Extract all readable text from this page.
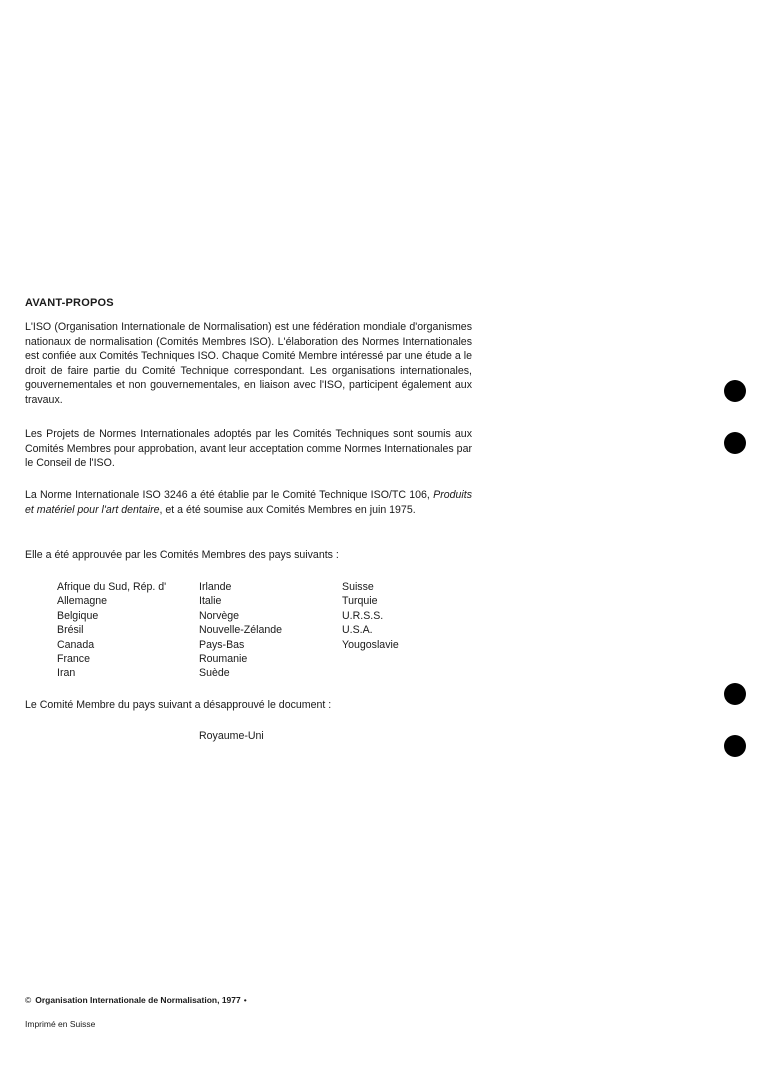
AVANT-PROPOS

L'ISO (Organisation Internationale de Normalisation) est une fédération mondiale d'organismes nationaux de normalisation (Comités Membres ISO). L'élaboration des Normes Internationales est confiée aux Comités Techniques ISO. Chaque Comité Membre intéressé par une étude a le droit de faire partie du Comité Technique correspondant. Les organisations internationales, gouvernementales et non gouvernementales, en liaison avec l'ISO, participent également aux travaux.

Les Projets de Normes Internationales adoptés par les Comités Techniques sont soumis aux Comités Membres pour approbation, avant leur acceptation comme Normes Internationales par le Conseil de l'ISO.

La Norme Internationale ISO 3246 a été établie par le Comité Technique ISO/TC 106, Produits et matériel pour l'art dentaire, et a été soumise aux Comités Membres en juin 1975.

Elle a été approuvée par les Comités Membres des pays suivants :

Afrique du Sud, Rép. d'
Allemagne
Belgique
Brésil
Canada
France
Iran
Irlande
Italie
Norvège
Nouvelle-Zélande
Pays-Bas
Roumanie
Suède
Suisse
Turquie
U.R.S.S.
U.S.A.
Yougoslavie

Le Comité Membre du pays suivant a désapprouvé le document :

Royaume-Uni
© Organisation Internationale de Normalisation, 1977 •
Imprimé en Suisse
